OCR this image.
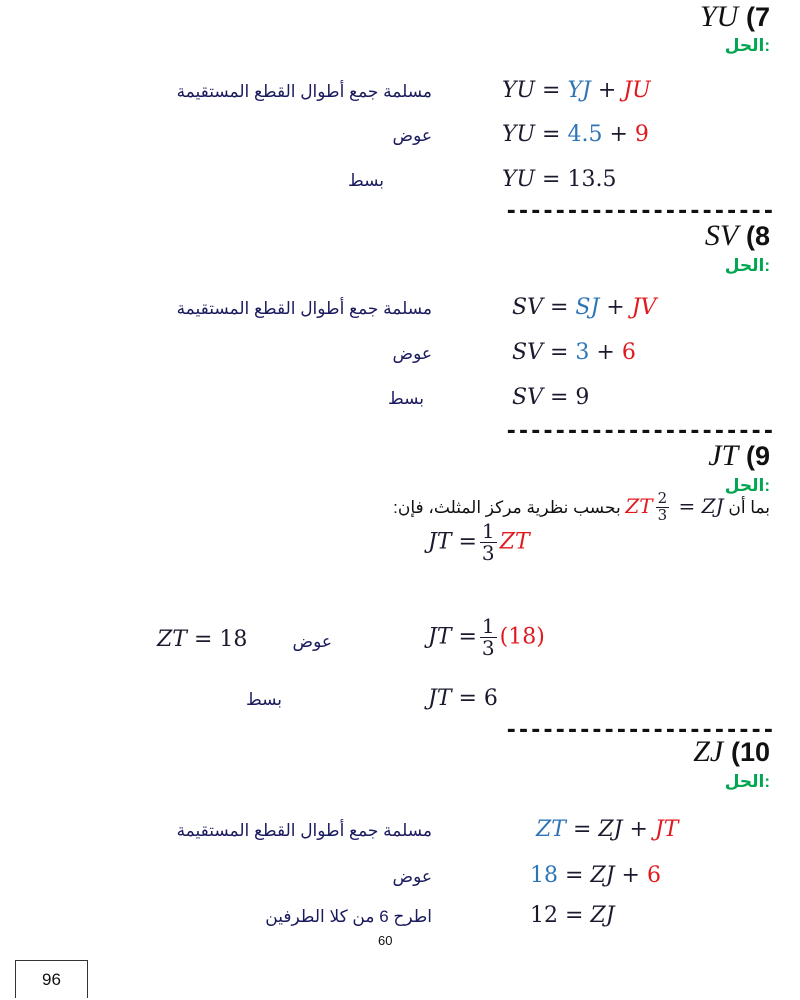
YU (7
الحل:
YU = YJ + JU
مسلمة جمع أطوال القطع المستقيمة
YU = 4.5 + 9
عوض
YU = 13.5
بسط
----------------------
SV (8
الحل:
SV = SJ + JV
مسلمة جمع أطوال القطع المستقيمة
SV = 3 + 6
عوض
SV = 9
بسط
----------------------
JT (9
الحل:
بما أن ZT $\frac{2}{3}$ = ZJ بحسب نظرية مركز المثلث، فإن:
JT = $\frac{1}{3}$ ZT
JT = $\frac{1}{3} (18)$
عوض
ZT = 18
JT = 6
بسط
----------------------
ZJ (10
الحل:
ZT = ZJ + JT
مسلمة جمع أطوال القطع المستقيمة
18 = ZJ + 6
عوض
12 = ZJ
اطرح 6 من كلا الطرفين
60
96
